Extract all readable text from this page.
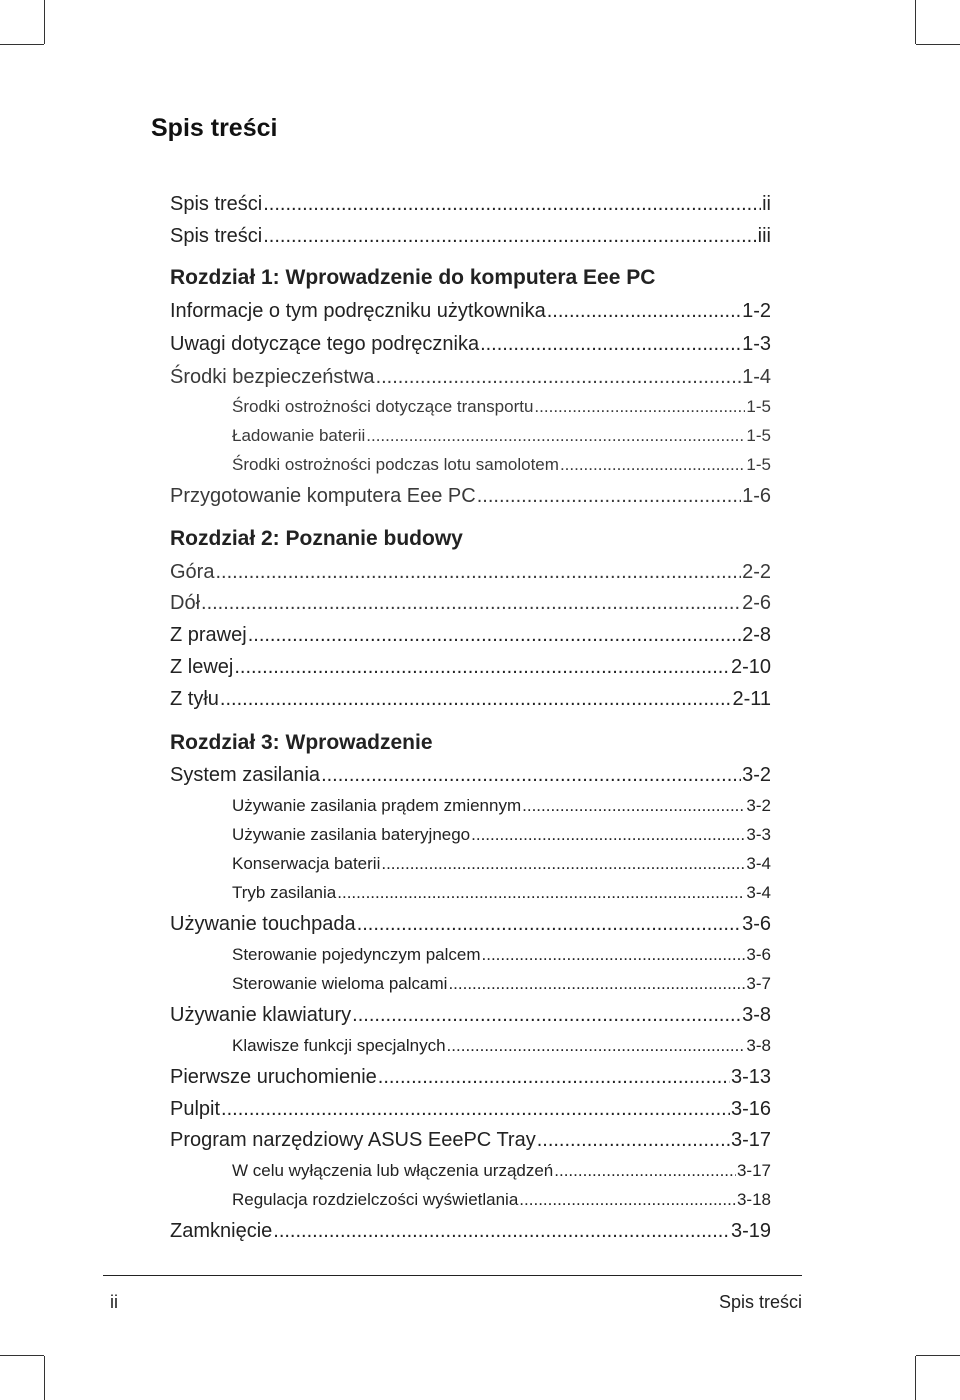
Spis treści
Spis treści .....	ii
Spis treści .....	iii
Rozdział 1: Wprowadzenie do komputera Eee PC
Informacje o tym podręczniku użytkownika .....	1-2
Uwagi dotyczące tego podręcznika .....	1-3
Środki bezpieczeństwa .....	1-4
Środki ostrożności dotyczące transportu .....	1-5
Ładowanie baterii .....	1-5
Środki ostrożności podczas lotu samolotem .....	1-5
Przygotowanie komputera Eee PC .....	1-6
Rozdział 2: Poznanie budowy
Góra .....	2-2
Dół .....	2-6
Z prawej .....	2-8
Z lewej .....	2-10
Z tyłu .....	2-11
Rozdział 3: Wprowadzenie
System zasilania .....	3-2
Używanie zasilania prądem zmiennym .....	3-2
Używanie zasilania bateryjnego .....	3-3
Konserwacja baterii .....	3-4
Tryb zasilania .....	3-4
Używanie touchpada .....	3-6
Sterowanie pojedynczym palcem .....	3-6
Sterowanie wieloma palcami .....	3-7
Używanie klawiatury .....	3-8
Klawisze funkcji specjalnych .....	3-8
Pierwsze uruchomienie .....	3-13
Pulpit .....	3-16
Program narzędziowy ASUS EeePC Tray .....	3-17
W celu wyłączenia lub włączenia urządzeń .....	3-17
Regulacja rozdzielczości wyświetlania .....	3-18
Zamknięcie .....	3-19
ii	Spis treści
